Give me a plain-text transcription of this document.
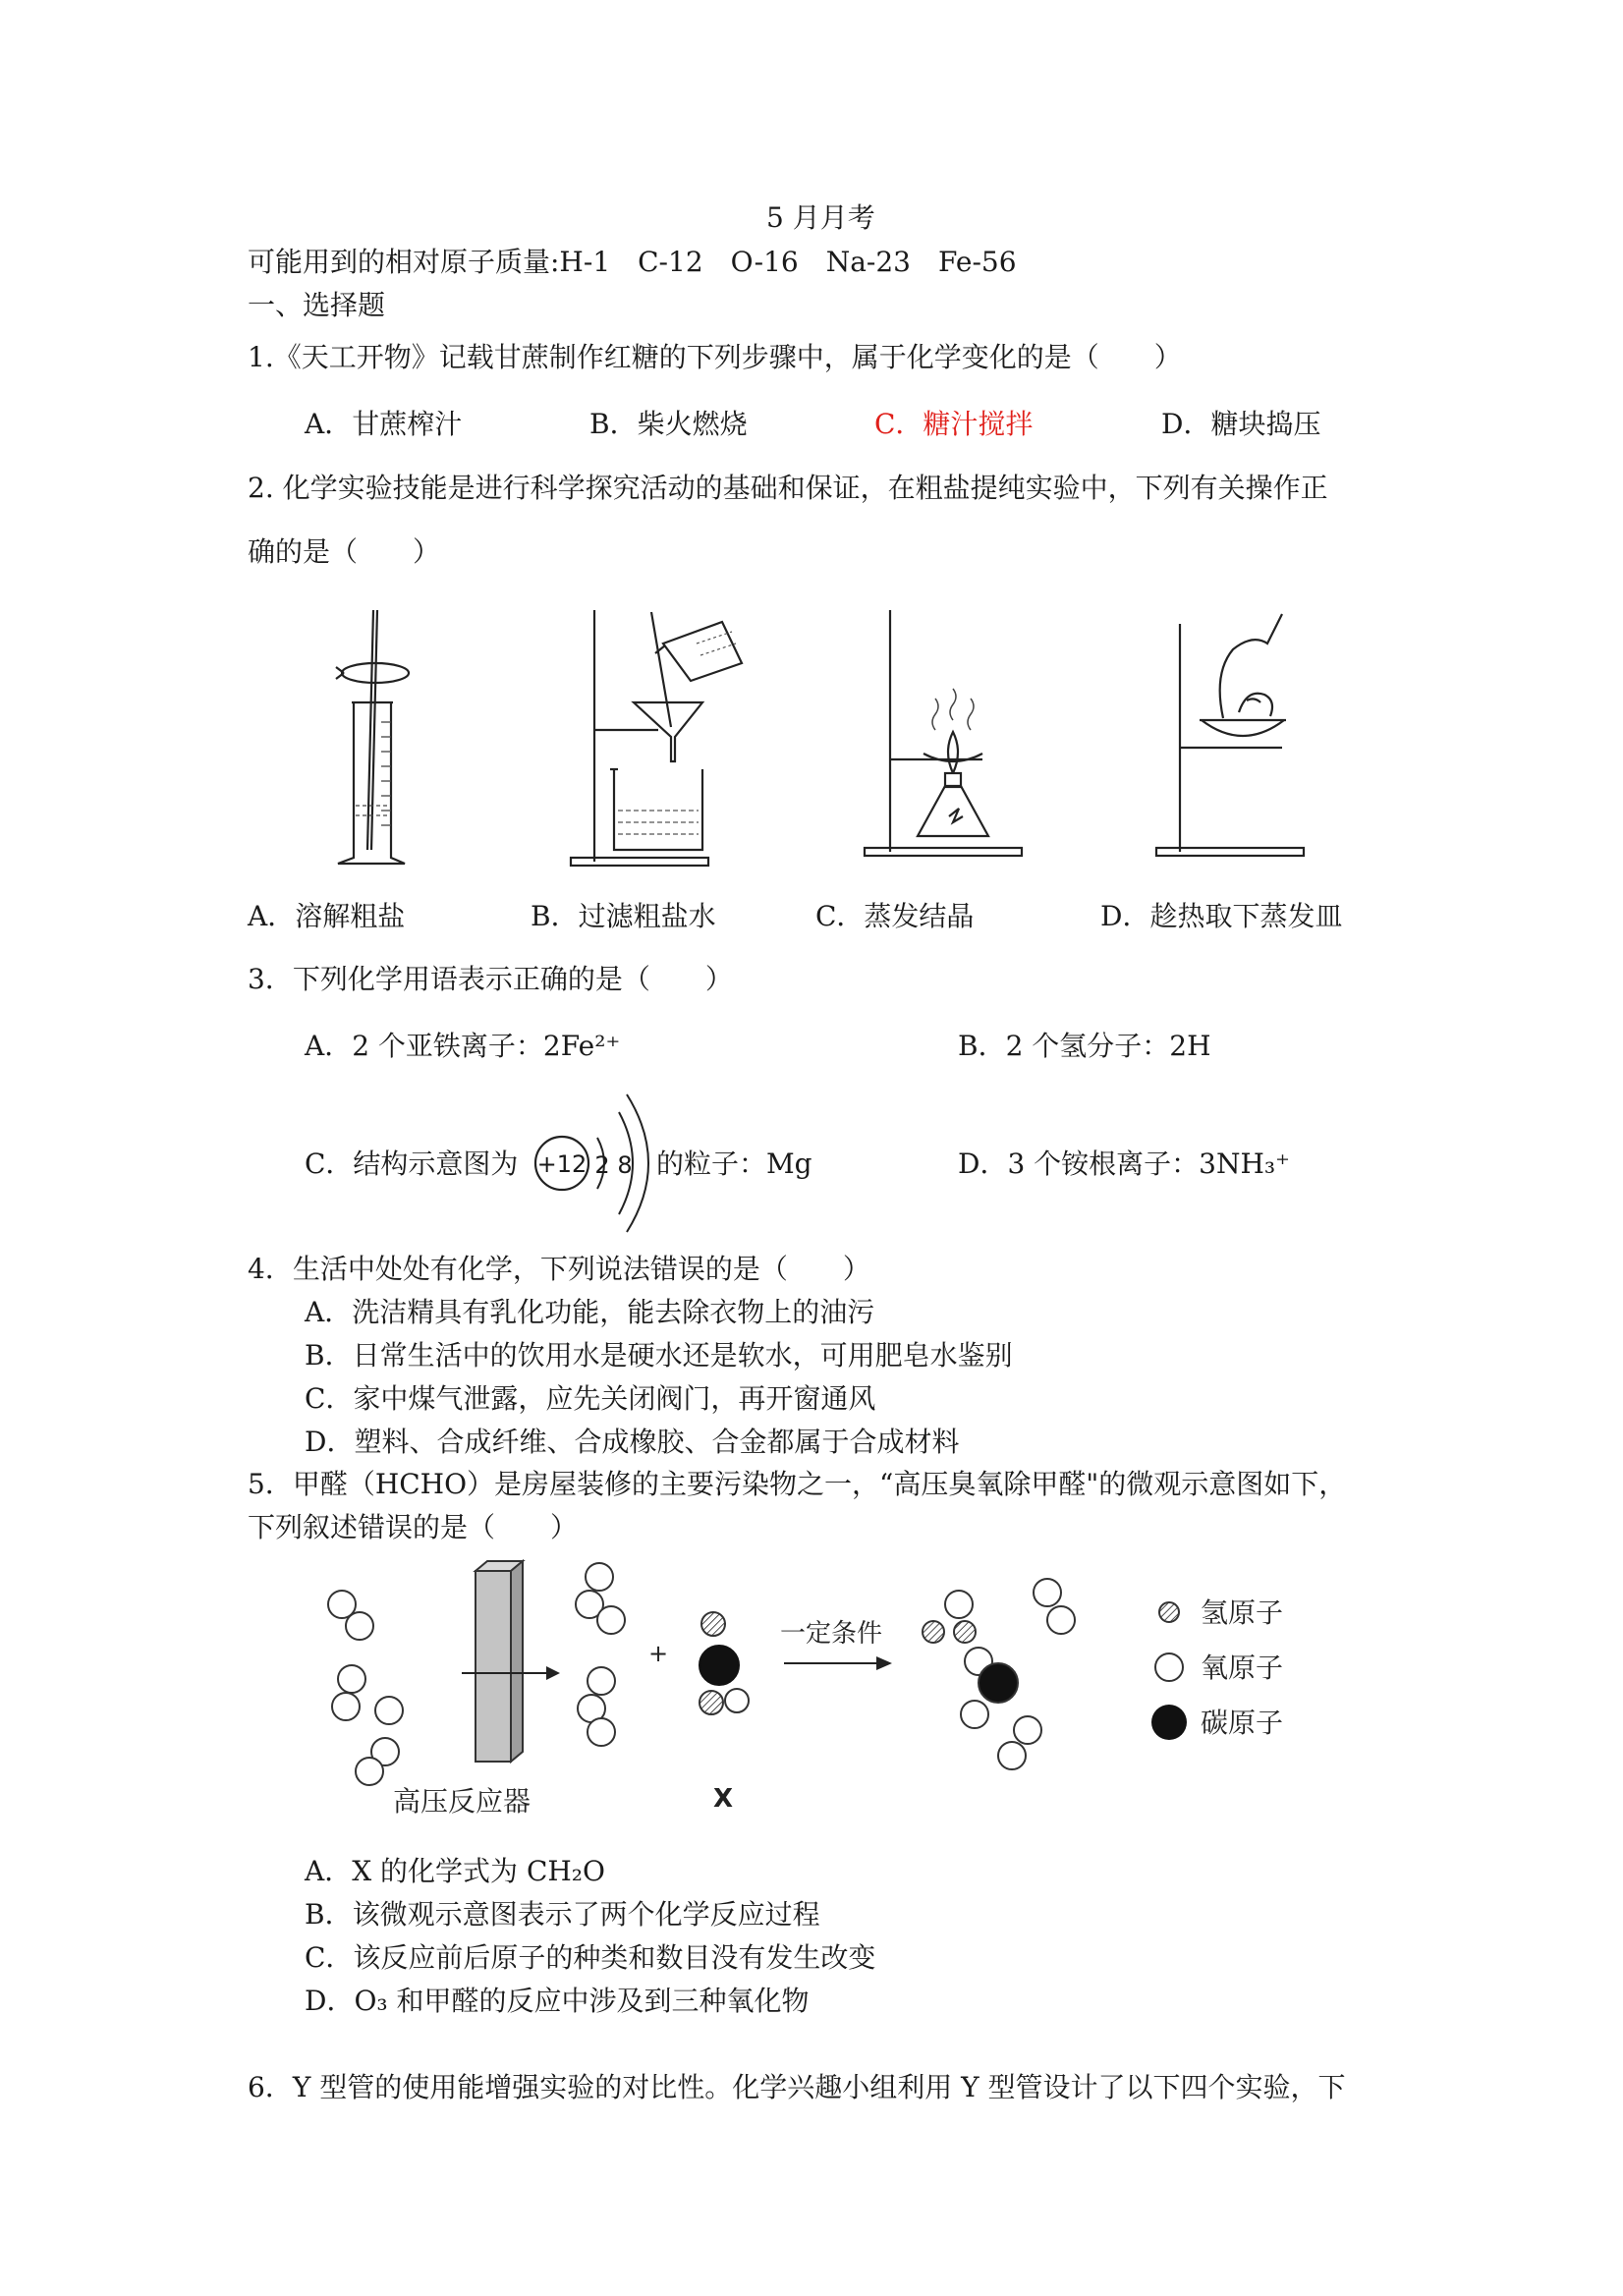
5 月月考
可能用到的相对原子质量:H-1　C-12　O-16　Na-23　Fe-56
一、选择题
1.《天工开物》记载甘蔗制作红糖的下列步骤中，属于化学变化的是（　　）
A．甘蔗榨汁	B．柴火燃烧	C．糖汁搅拌	D．糖块捣压
2. 化学实验技能是进行科学探究活动的基础和保证，在粗盐提纯实验中，下列有关操作正
确的是（　　）
A．溶解粗盐	B．过滤粗盐水	C．蒸发结晶	D．趁热取下蒸发皿
3．下列化学用语表示正确的是（　　）
A．2 个亚铁离子：2Fe²⁺	B．2 个氢分子：2H
C．结构示意图为 +12 2 8 的粒子：Mg	D．3 个铵根离子：3NH₃⁺
4．生活中处处有化学，下列说法错误的是（　　）
A．洗洁精具有乳化功能，能去除衣物上的油污
B．日常生活中的饮用水是硬水还是软水，可用肥皂水鉴别
C．家中煤气泄露，应先关闭阀门，再开窗通风
D．塑料、合成纤维、合成橡胶、合金都属于合成材料
5．甲醛（HCHO）是房屋装修的主要污染物之一，“高压臭氧除甲醛"的微观示意图如下，
下列叙述错误的是（　　）
+
X
一定条件
氢原子
氧原子
碳原子
高压反应器
A．X 的化学式为 CH₂O
B．该微观示意图表示了两个化学反应过程
C．该反应前后原子的种类和数目没有发生改变
D．O₃ 和甲醛的反应中涉及到三种氧化物
6．Y 型管的使用能增强实验的对比性。化学兴趣小组利用 Y 型管设计了以下四个实验，下
